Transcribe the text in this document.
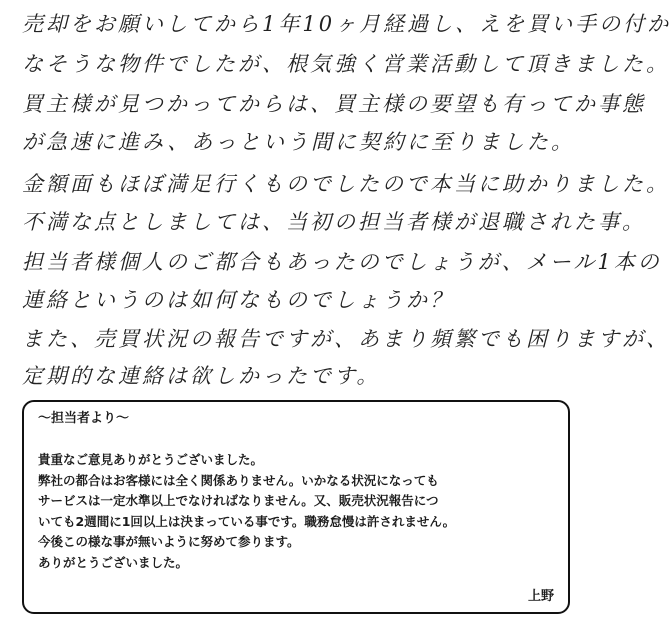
売却をお願いしてから1年10ヶ月経過し、えを買い手の付か
なそうな物件でしたが、根気強く営業活動して頂きました。
買主様が見つかってからは、買主様の要望も有ってか事態
が急速に進み、あっという間に契約に至りました。
金額面もほぼ満足行くものでしたので本当に助かりました。
不満な点としましては、当初の担当者様が退職された事。
担当者様個人のご都合もあったのでしょうが、メール1本の
連絡というのは如何なものでしょうか？
また、売買状況の報告ですが、あまり頻繁でも困りますが、
定期的な連絡は欲しかったです。

～担当者より～

貴重なご意見ありがとうございました。

弊社の都合はお客様には全く関係ありません。いかなる状況になっても

サービスは一定水準以上でなければなりません。又、販売状況報告につ

いても2週間に1回以上は決まっている事です。職務怠慢は許されません。

今後この様な事が無いように努めて参ります。

ありがとうございました。

上野
